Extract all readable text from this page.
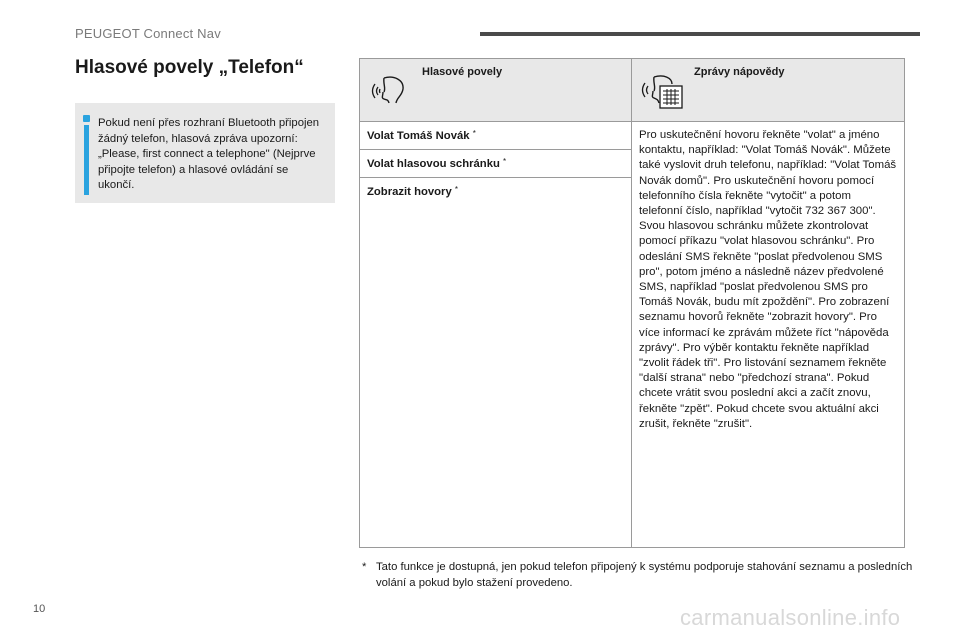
PEUGEOT Connect Nav
Hlasové povely „Telefon“
Pokud není přes rozhraní Bluetooth připojen žádný telefon, hlasová zpráva upozorní: „Please, first connect a telephone" (Nejprve připojte telefon) a hlasové ovládání se ukončí.
Hlasové povely	Zprávy nápovědy

Volat Tomáš Novák *	Pro uskutečnění hovoru řekněte "volat" a jméno kontaktu, například: "Volat Tomáš Novák". Můžete také vyslovit druh telefonu, například: "Volat Tomáš Novák domů". Pro uskutečnění hovoru pomocí telefonního čísla řekněte "vytočit" a potom telefonní číslo, například "vytočit 732 367 300". Svou hlasovou schránku můžete zkontrolovat pomocí příkazu "volat hlasovou schránku". Pro odeslání SMS řekněte "poslat předvolenou SMS pro", potom jméno a následně název předvolené SMS, například "poslat předvolenou SMS pro Tomáš Novák, budu mít zpoždění". Pro zobrazení seznamu hovorů řekněte "zobrazit hovory". Pro více informací ke zprávám můžete říct "nápověda zprávy". Pro výběr kontaktu řekněte například "zvolit řádek tři". Pro listování seznamem řekněte "další strana" nebo "předchozí strana". Pokud chcete vrátit svou poslední akci a začít znovu, řekněte "zpět". Pokud chcete svou aktuální akci zrušit, řekněte "zrušit".
Volat hlasovou schránku *
Zobrazit hovory *
* Tato funkce je dostupná, jen pokud telefon připojený k systému podporuje stahování seznamu a posledních volání a pokud bylo stažení provedeno.
10	carmanualsonline.info
